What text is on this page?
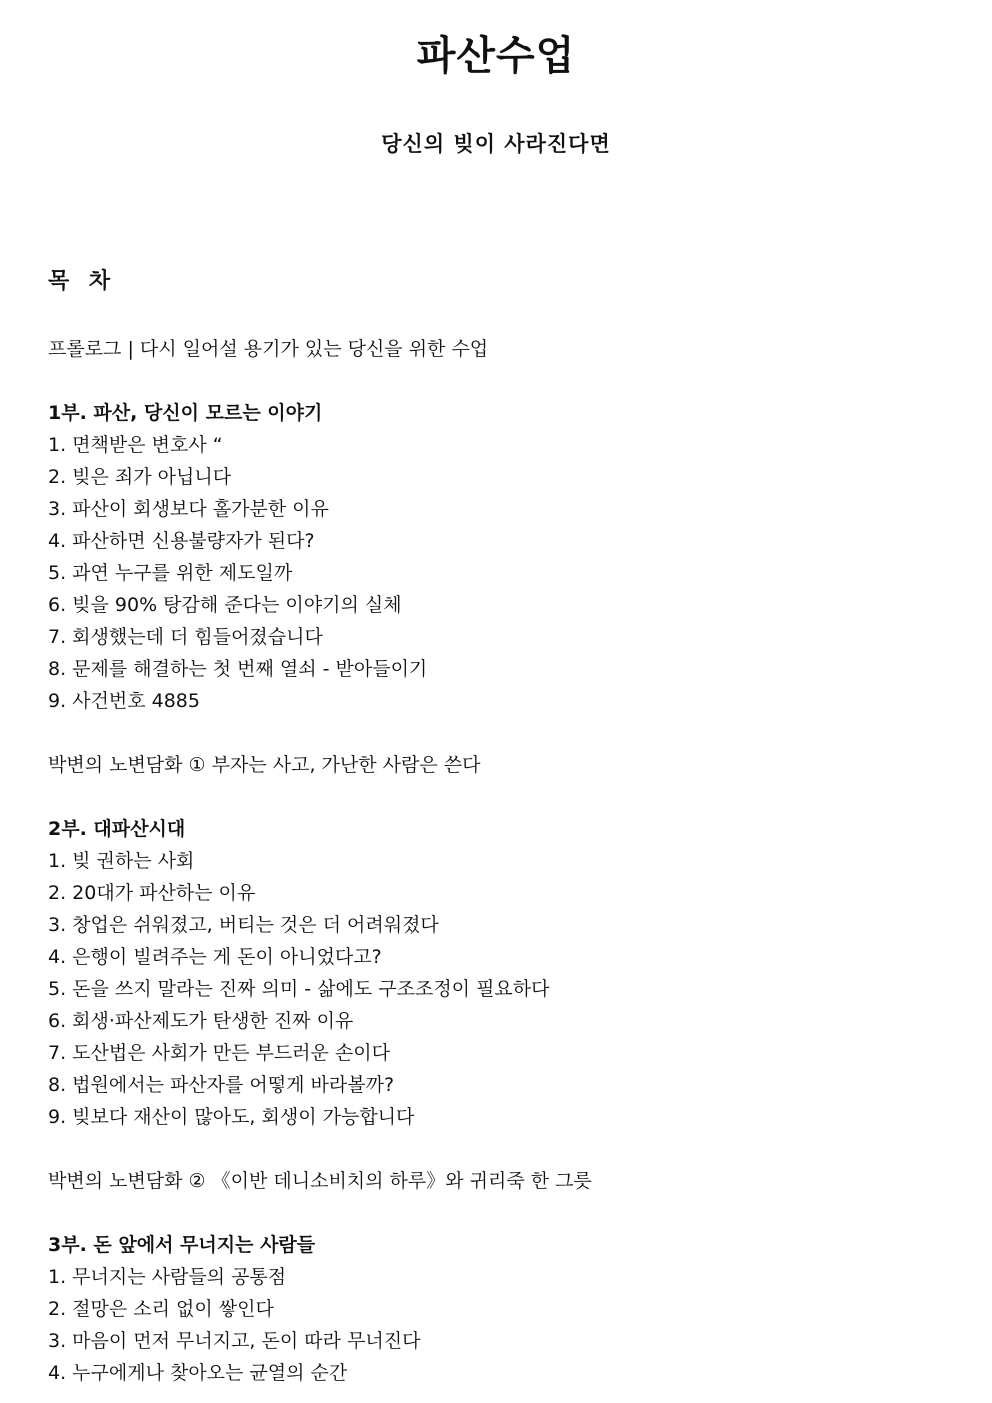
파산수업
당신의 빚이 사라진다면
목 차
프롤로그 | 다시 일어설 용기가 있는 당신을 위한 수업
1부. 파산, 당신이 모르는 이야기
1. 면책받은 변호사 “
2. 빚은 죄가 아닙니다
3. 파산이 회생보다 홀가분한 이유
4. 파산하면 신용불량자가 된다?
5. 과연 누구를 위한 제도일까
6. 빚을 90% 탕감해 준다는 이야기의 실체
7. 회생했는데 더 힘들어졌습니다
8. 문제를 해결하는 첫 번째 열쇠 - 받아들이기
9. 사건번호 4885
박변의 노변담화 ① 부자는 사고, 가난한 사람은 쓴다
2부. 대파산시대
1. 빚 권하는 사회
2. 20대가 파산하는 이유
3. 창업은 쉬워졌고, 버티는 것은 더 어려워졌다
4. 은행이 빌려주는 게 돈이 아니었다고?
5. 돈을 쓰지 말라는 진짜 의미 - 삶에도 구조조정이 필요하다
6. 회생·파산제도가 탄생한 진짜 이유
7. 도산법은 사회가 만든 부드러운 손이다
8. 법원에서는 파산자를 어떻게 바라볼까?
9. 빚보다 재산이 많아도, 회생이 가능합니다
박변의 노변담화 ② 《이반 데니소비치의 하루》와 귀리죽 한 그릇
3부. 돈 앞에서 무너지는 사람들
1. 무너지는 사람들의 공통점
2. 절망은 소리 없이 쌓인다
3. 마음이 먼저 무너지고, 돈이 따라 무너진다
4. 누구에게나 찾아오는 균열의 순간
